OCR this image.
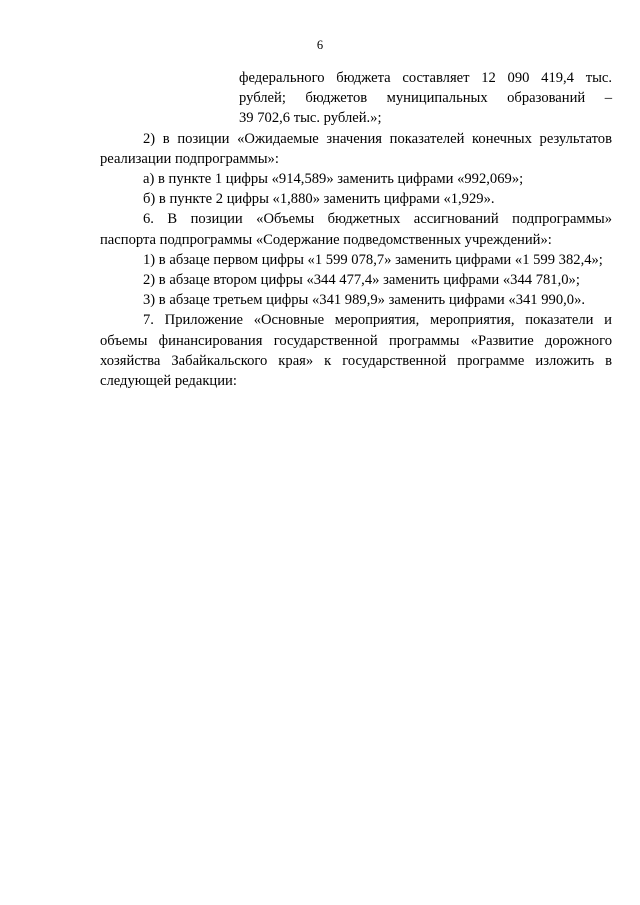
6

федерального бюджета составляет 12 090 419,4 тыс. рублей; бюджетов муниципальных образований –

39 702,6 тыс. рублей.»;

2) в позиции «Ожидаемые значения показателей конечных результатов реализации подпрограммы»:

а) в пункте 1 цифры «914,589» заменить цифрами «992,069»;

б) в пункте 2 цифры «1,880» заменить цифрами «1,929».

6. В позиции «Объемы бюджетных ассигнований подпрограммы» паспорта подпрограммы «Содержание подведомственных учреждений»:

1) в абзаце первом цифры «1 599 078,7» заменить цифрами «1 599 382,4»;

2) в абзаце втором цифры «344 477,4» заменить цифрами «344 781,0»;

3) в абзаце третьем цифры «341 989,9» заменить цифрами «341 990,0».

7. Приложение «Основные мероприятия, мероприятия, показатели и объемы финансирования государственной программы «Развитие дорожного хозяйства Забайкальского края» к государственной программе изложить в следующей редакции:
